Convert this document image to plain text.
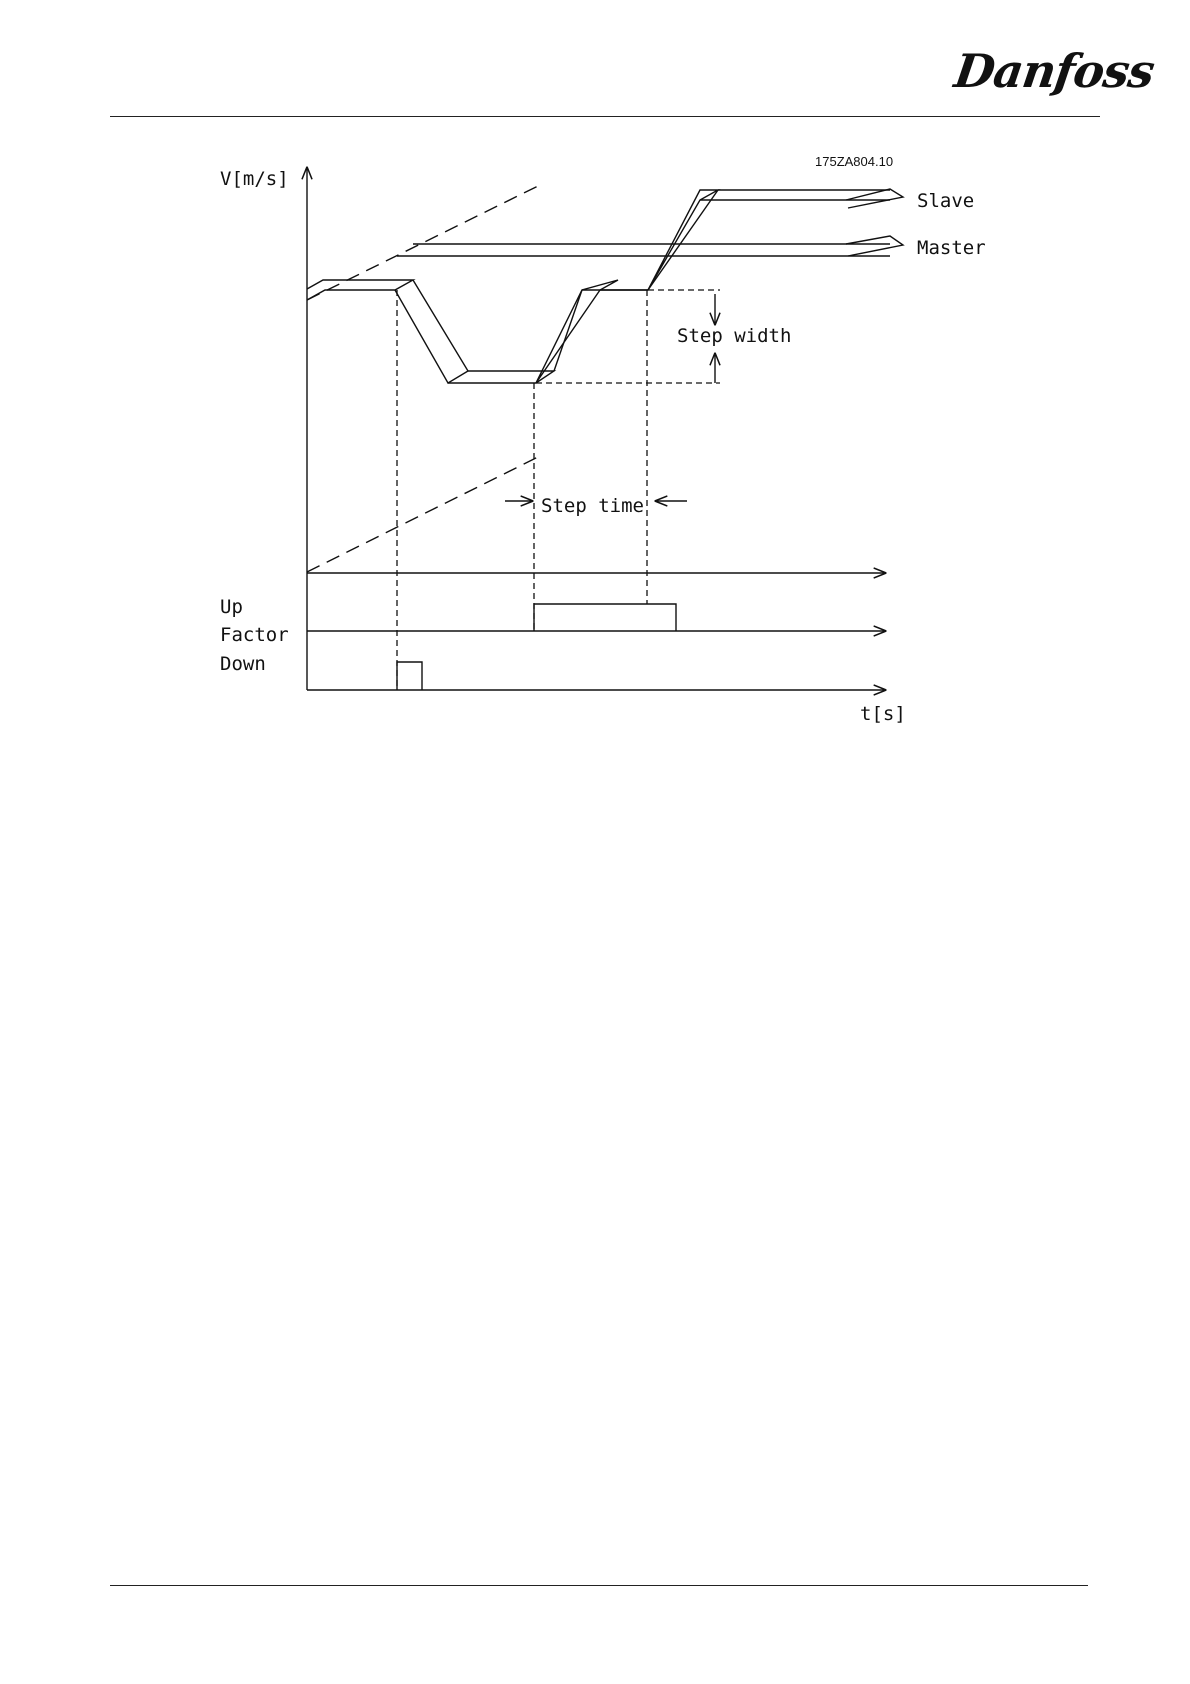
Danfoss
175ZA804.10
V[m/s]
Slave
Master
Step width
Step time
Up
Factor
Down
t[s]
